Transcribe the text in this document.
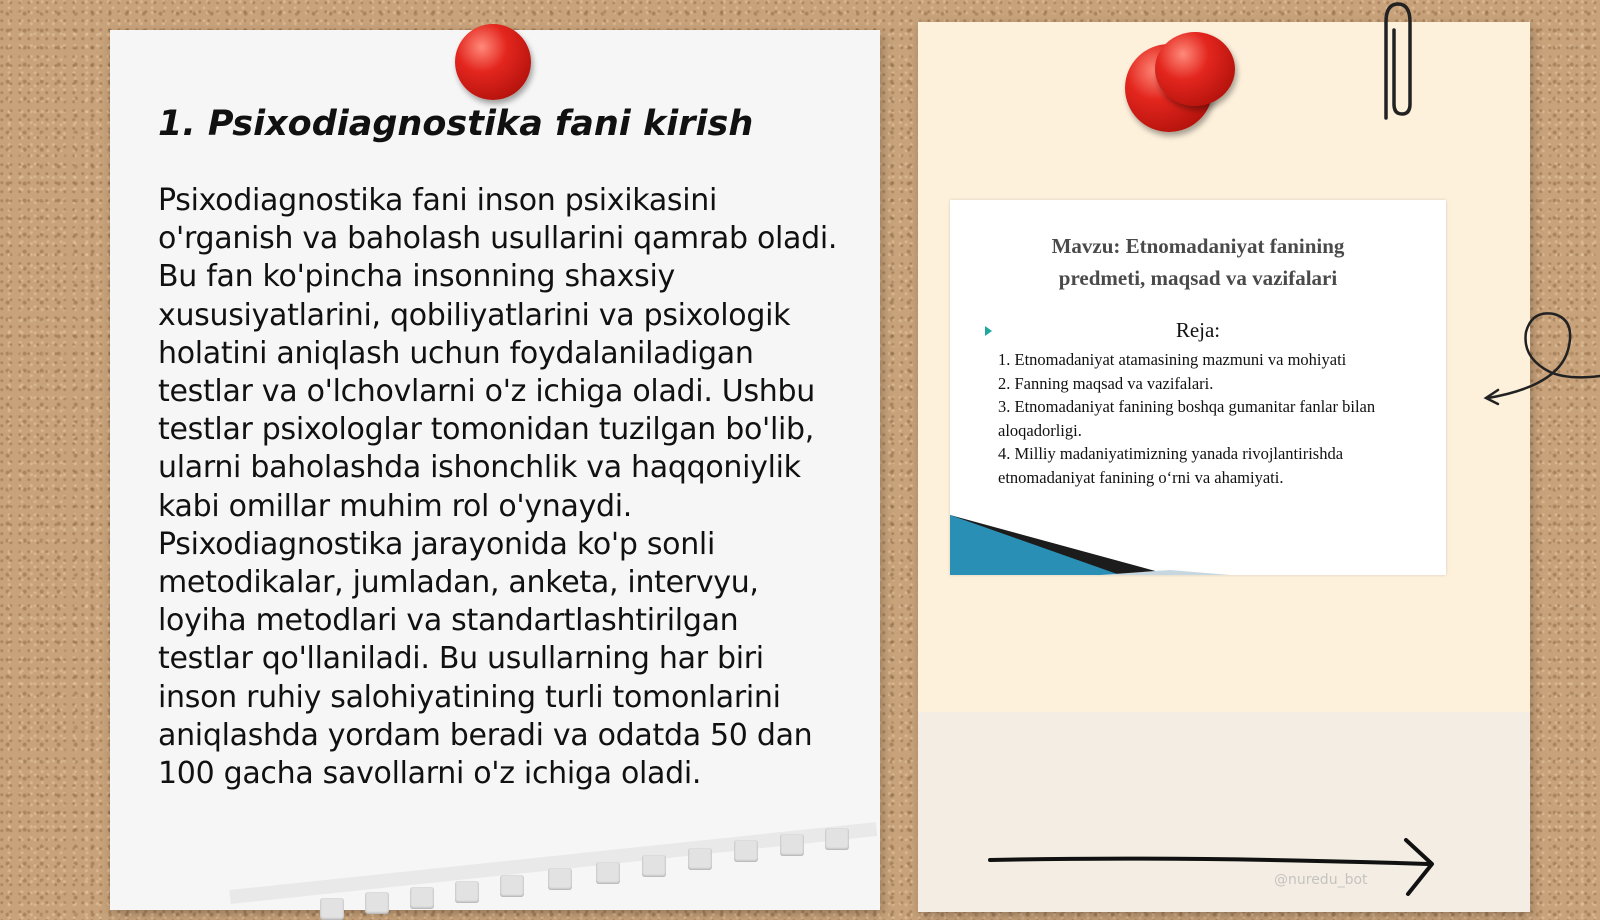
1. Psixodiagnostika fani kirish

Psixodiagnostika fani inson psixikasini o'rganish va baholash usullarini qamrab oladi. Bu fan ko'pincha insonning shaxsiy xususiyatlarini, qobiliyatlarini va psixologik holatini aniqlash uchun foydalaniladigan testlar va o'lchovlarni o'z ichiga oladi. Ushbu testlar psixologlar tomonidan tuzilgan bo'lib, ularni baholashda ishonchlik va haqqoniylik kabi omillar muhim rol o'ynaydi. Psixodiagnostika jarayonida ko'p sonli metodikalar, jumladan, anketa, intervyu, loyiha metodlari va standartlashtirilgan testlar qo'llaniladi. Bu usullarning har biri inson ruhiy salohiyatining turli tomonlarini aniqlashda yordam beradi va odatda 50 dan 100 gacha savollarni o'z ichiga oladi.

Mavzu: Etnomadaniyat fanining
predmeti, maqsad va vazifalari

Reja:

1. Etnomadaniyat atamasining mazmuni va mohiyati
2. Fanning maqsad va vazifalari.
3. Etnomadaniyat fanining boshqa gumanitar fanlar bilan aloqadorligi.
4. Milliy madaniyatimizning yanada rivojlantirishda etnomadaniyat fanining o‘rni va ahamiyati.
@nuredu_bot
